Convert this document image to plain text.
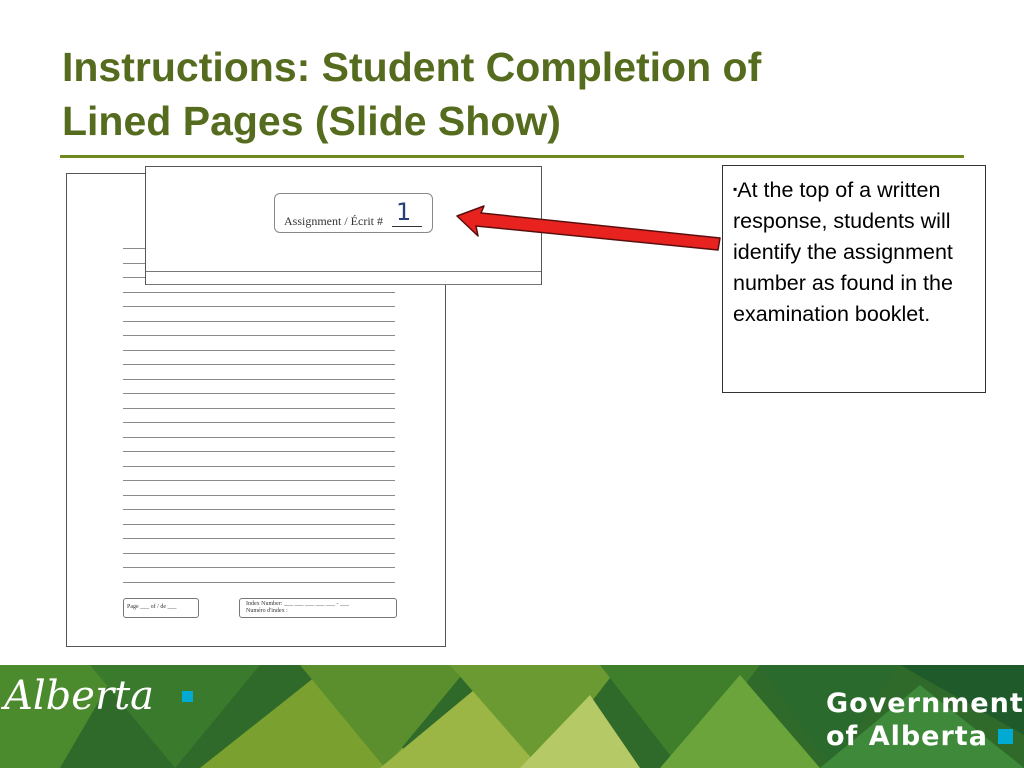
Instructions: Student Completion of
Lined Pages (Slide Show)
Page ___ of / de ___	Index Number: ___ ___ ___ ___ ___ - ___
Numéro d'index :
Assignment / Écrit # 1
▪At the top of a written response, students will identify the assignment number as found in the examination booklet.
Alberta	Government
of Alberta
